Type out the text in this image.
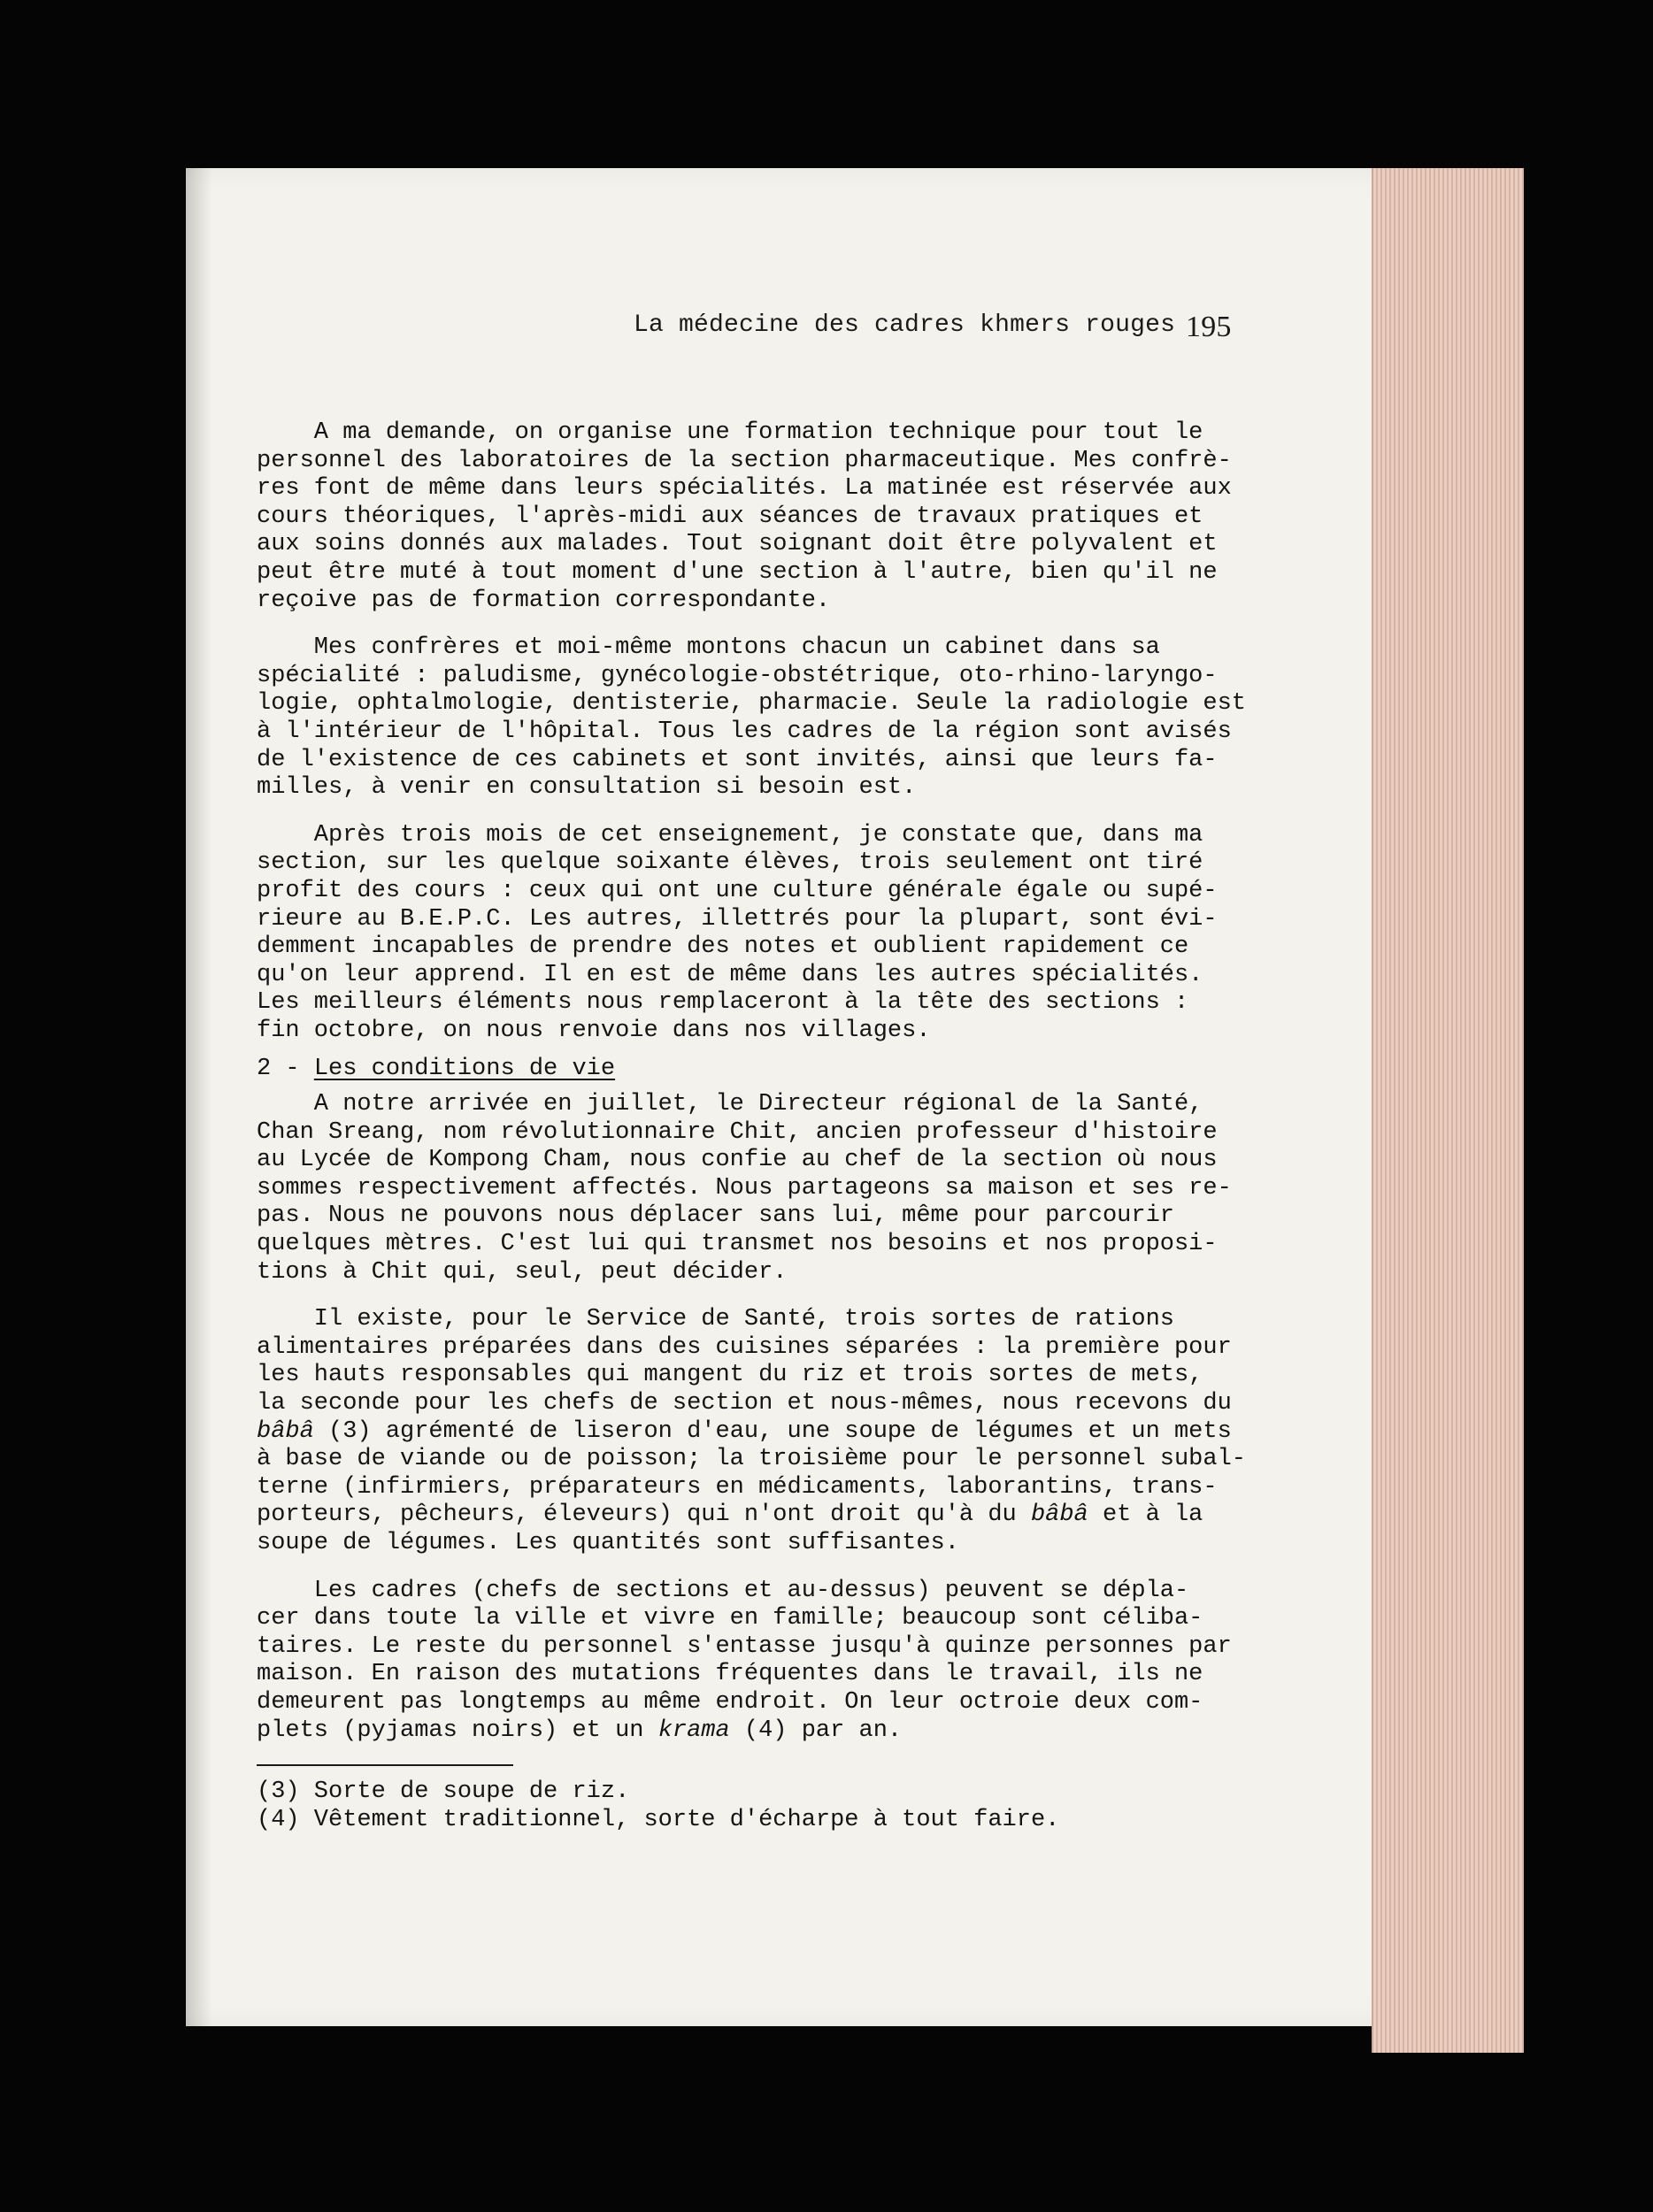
La médecine des cadres khmers rouges 195
A ma demande, on organise une formation technique pour tout le
personnel des laboratoires de la section pharmaceutique. Mes confrè-
res font de même dans leurs spécialités. La matinée est réservée aux
cours théoriques, l'après-midi aux séances de travaux pratiques et
aux soins donnés aux malades. Tout soignant doit être polyvalent et
peut être muté à tout moment d'une section à l'autre, bien qu'il ne
reçoive pas de formation correspondante.
Mes confrères et moi-même montons chacun un cabinet dans sa
spécialité : paludisme, gynécologie-obstétrique, oto-rhino-laryngo-
logie, ophtalmologie, dentisterie, pharmacie. Seule la radiologie est
à l'intérieur de l'hôpital. Tous les cadres de la région sont avisés
de l'existence de ces cabinets et sont invités, ainsi que leurs fa-
milles, à venir en consultation si besoin est.
Après trois mois de cet enseignement, je constate que, dans ma
section, sur les quelque soixante élèves, trois seulement ont tiré
profit des cours : ceux qui ont une culture générale égale ou supé-
rieure au B.E.P.C. Les autres, illettrés pour la plupart, sont évi-
demment incapables de prendre des notes et oublient rapidement ce
qu'on leur apprend. Il en est de même dans les autres spécialités.
Les meilleurs éléments nous remplaceront à la tête des sections :
fin octobre, on nous renvoie dans nos villages.
2 - Les conditions de vie
A notre arrivée en juillet, le Directeur régional de la Santé,
Chan Sreang, nom révolutionnaire Chit, ancien professeur d'histoire
au Lycée de Kompong Cham, nous confie au chef de la section où nous
sommes respectivement affectés. Nous partageons sa maison et ses re-
pas. Nous ne pouvons nous déplacer sans lui, même pour parcourir
quelques mètres. C'est lui qui transmet nos besoins et nos proposi-
tions à Chit qui, seul, peut décider.
Il existe, pour le Service de Santé, trois sortes de rations
alimentaires préparées dans des cuisines séparées : la première pour
les hauts responsables qui mangent du riz et trois sortes de mets,
la seconde pour les chefs de section et nous-mêmes, nous recevons du
bâbâ (3) agrémenté de liseron d'eau, une soupe de légumes et un mets
à base de viande ou de poisson; la troisième pour le personnel subal-
terne (infirmiers, préparateurs en médicaments, laborantins, trans-
porteurs, pêcheurs, éleveurs) qui n'ont droit qu'à du bâbâ et à la
soupe de légumes. Les quantités sont suffisantes.
Les cadres (chefs de sections et au-dessus) peuvent se dépla-
cer dans toute la ville et vivre en famille; beaucoup sont céliba-
taires. Le reste du personnel s'entasse jusqu'à quinze personnes par
maison. En raison des mutations fréquentes dans le travail, ils ne
demeurent pas longtemps au même endroit. On leur octroie deux com-
plets (pyjamas noirs) et un krama (4) par an.
(3) Sorte de soupe de riz.
(4) Vêtement traditionnel, sorte d'écharpe à tout faire.
